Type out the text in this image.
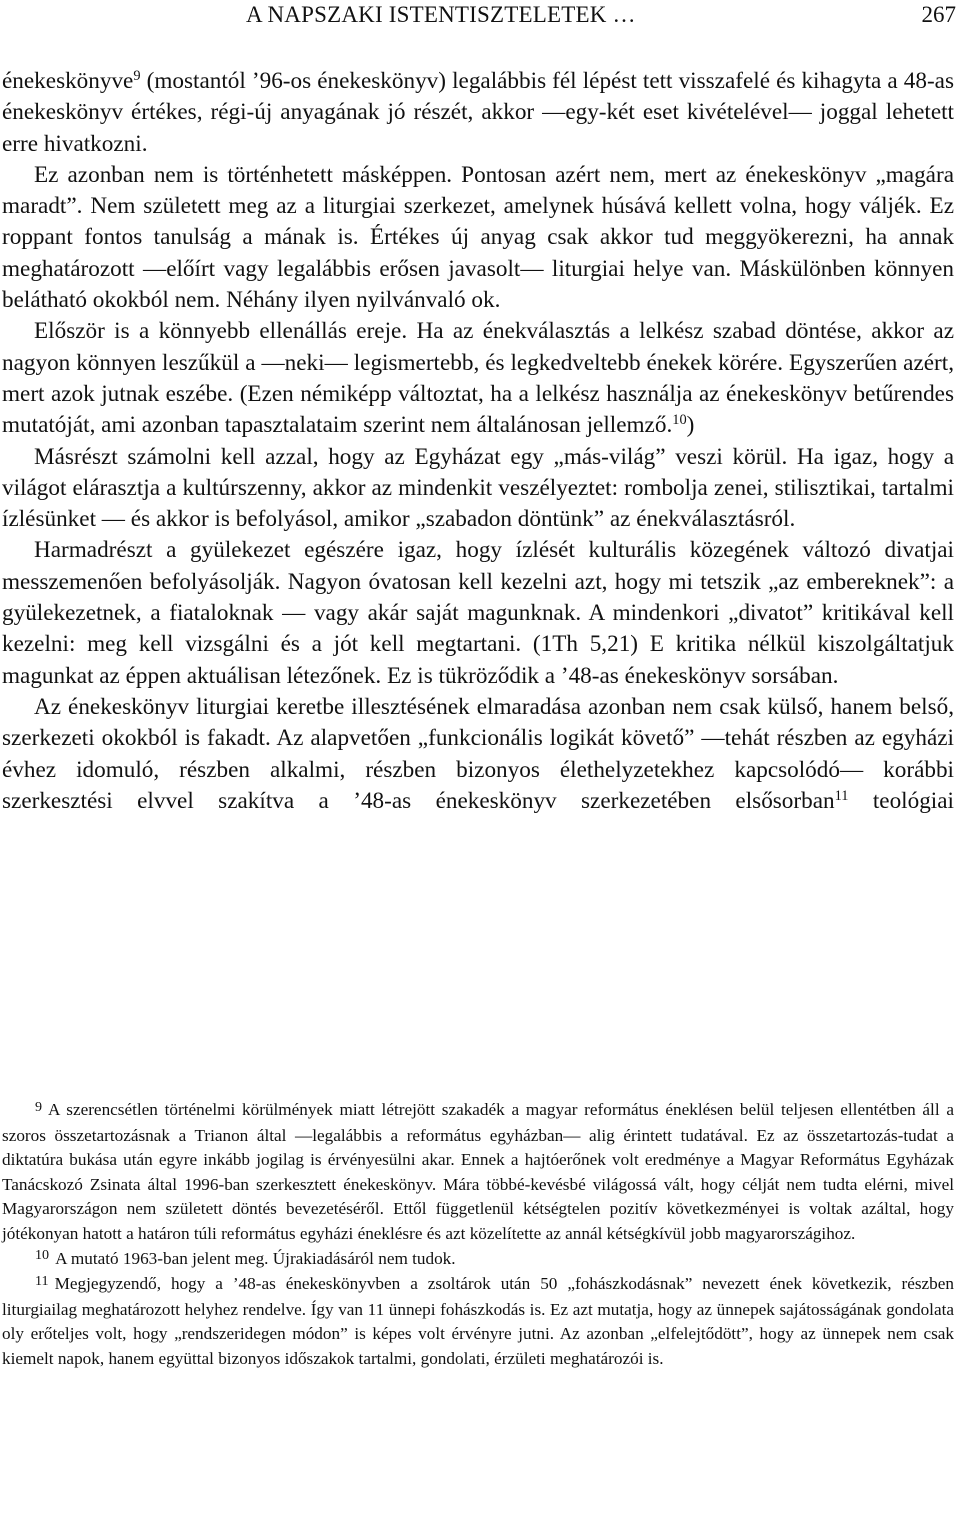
A NAPSZAKI ISTENTISZTELETEK …	267

énekeskönyve$^9$ (mostantól ’96-os énekeskönyv) legalábbis fél lépést tett visszafelé és kihagyta a 48-as énekeskönyv értékes, régi-új anyagának jó részét, akkor —egy-két eset kivételével— joggal lehetett erre hivatkozni.

Ez azonban nem is történhetett másképpen. Pontosan azért nem, mert az énekeskönyv „magára maradt”. Nem született meg az a liturgiai szerkezet, amelynek húsává kellett volna, hogy váljék. Ez roppant fontos tanulság a mának is. Értékes új anyag csak akkor tud meggyökerezni, ha annak meghatározott —előírt vagy legalábbis erősen javasolt— liturgiai helye van. Máskülönben könnyen belátható okokból nem. Néhány ilyen nyilvánvaló ok.

Először is a könnyebb ellenállás ereje. Ha az énekválasztás a lelkész szabad döntése, akkor az nagyon könnyen leszűkül a —neki— legismertebb, és legkedveltebb énekek körére. Egyszerűen azért, mert azok jutnak eszébe. (Ezen némiképp változtat, ha a lelkész használja az énekeskönyv betűrendes mutatóját, ami azonban tapasztalataim szerint nem általánosan jellemző.$^{10}$)

Másrészt számolni kell azzal, hogy az Egyházat egy „más-világ” veszi körül. Ha igaz, hogy a világot elárasztja a kultúrszenny, akkor az mindenkit veszélyeztet: rombolja zenei, stilisztikai, tartalmi ízlésünket — és akkor is befolyásol, amikor „szabadon döntünk” az énekválasztásról.

Harmadrészt a gyülekezet egészére igaz, hogy ízlését kulturális közegének változó divatjai messzemenően befolyásolják. Nagyon óvatosan kell kezelni azt, hogy mi tetszik „az embereknek”: a gyülekezetnek, a fiataloknak — vagy akár saját magunknak. A mindenkori „divatot” kritikával kell kezelni: meg kell vizsgálni és a jót kell megtartani. (1Th 5,21) E kritika nélkül kiszolgáltatjuk magunkat az éppen aktuálisan létezőnek. Ez is tükröződik a ’48-as énekeskönyv sorsában.

Az énekeskönyv liturgiai keretbe illesztésének elmaradása azonban nem csak külső, hanem belső, szerkezeti okokból is fakadt. Az alapvetően „funkcionális logikát követő” —tehát részben az egyházi évhez idomuló, részben alkalmi, részben bizonyos élethelyzetekhez kapcsolódó— korábbi szerkesztési elvvel szakítva a ’48-as énekeskönyv szerkezetében elsősorban$^{11}$ teológiai

$^9$ A szerencsétlen történelmi körülmények miatt létrejött szakadék a magyar református éneklésen belül teljesen ellentétben áll a szoros összetartozásnak a Trianon által —legalábbis a református egyházban— alig érintett tudatával. Ez az összetartozás-tudat a diktatúra bukása után egyre inkább jogilag is érvényesülni akar. Ennek a hajtóerőnek volt eredménye a Magyar Református Egyházak Tanácskozó Zsinata által 1996-ban szerkesztett énekeskönyv. Mára többé-kevésbé világossá vált, hogy célját nem tudta elérni, mivel Magyarországon nem született döntés bevezetéséről. Ettől függetlenül kétségtelen pozitív következményei is voltak azáltal, hogy jótékonyan hatott a határon túli református egyházi éneklésre és azt közelítette az annál kétségkívül jobb magyarországihoz.

$^{10}$ A mutató 1963-ban jelent meg. Újrakiadásáról nem tudok.

$^{11}$ Megjegyzendő, hogy a ’48-as énekeskönyvben a zsoltárok után 50 „fohászkodásnak” nevezett ének következik, részben liturgiailag meghatározott helyhez rendelve. Így van 11 ünnepi fohászkodás is. Ez azt mutatja, hogy az ünnepek sajátosságának gondolata oly erőteljes volt, hogy „rendszeridegen módon” is képes volt érvényre jutni. Az azonban „elfelejtődött”, hogy az ünnepek nem csak kiemelt napok, hanem együttal bizonyos időszakok tartalmi, gondolati, érzületi meghatározói is.
